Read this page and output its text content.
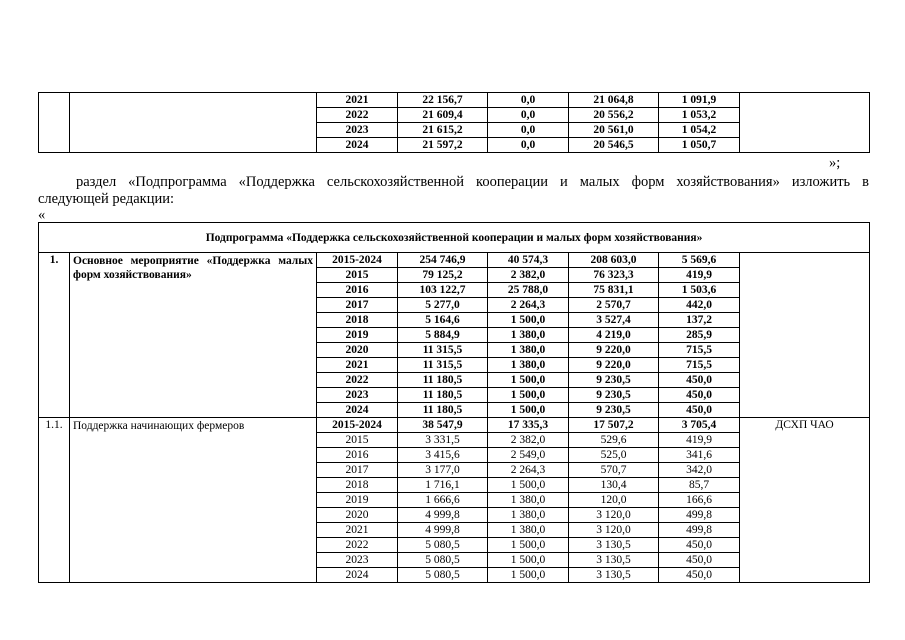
		2021	22 156,7	0,0	21 064,8	1 091,9	
		2022	21 609,4	0,0	20 556,2	1 053,2	
		2023	21 615,2	0,0	20 561,0	1 054,2	
		2024	21 597,2	0,0	20 546,5	1 050,7	
»;
раздел «Подпрограмма «Поддержка сельскохозяйственной кооперации и малых форм хозяйствования» изложить в
следующей редакции:
«
Подпрограмма «Поддержка сельскохозяйственной кооперации и малых форм хозяйствования»							
1.	Основное мероприятие «Поддержка малых форм хозяйствования»	2015-2024	254 746,9	40 574,3	208 603,0	5 569,6	
		2015	79 125,2	2 382,0	76 323,3	419,9	
		2016	103 122,7	25 788,0	75 831,1	1 503,6	
		2017	5 277,0	2 264,3	2 570,7	442,0	
		2018	5 164,6	1 500,0	3 527,4	137,2	
		2019	5 884,9	1 380,0	4 219,0	285,9	
		2020	11 315,5	1 380,0	9 220,0	715,5	
		2021	11 315,5	1 380,0	9 220,0	715,5	
		2022	11 180,5	1 500,0	9 230,5	450,0	
		2023	11 180,5	1 500,0	9 230,5	450,0	
		2024	11 180,5	1 500,0	9 230,5	450,0	
1.1.	Поддержка начинающих фермеров	2015-2024	38 547,9	17 335,3	17 507,2	3 705,4	ДСХП ЧАО
		2015	3 331,5	2 382,0	529,6	419,9	
		2016	3 415,6	2 549,0	525,0	341,6	
		2017	3 177,0	2 264,3	570,7	342,0	
		2018	1 716,1	1 500,0	130,4	85,7	
		2019	1 666,6	1 380,0	120,0	166,6	
		2020	4 999,8	1 380,0	3 120,0	499,8	
		2021	4 999,8	1 380,0	3 120,0	499,8	
		2022	5 080,5	1 500,0	3 130,5	450,0	
		2023	5 080,5	1 500,0	3 130,5	450,0	
		2024	5 080,5	1 500,0	3 130,5	450,0	
